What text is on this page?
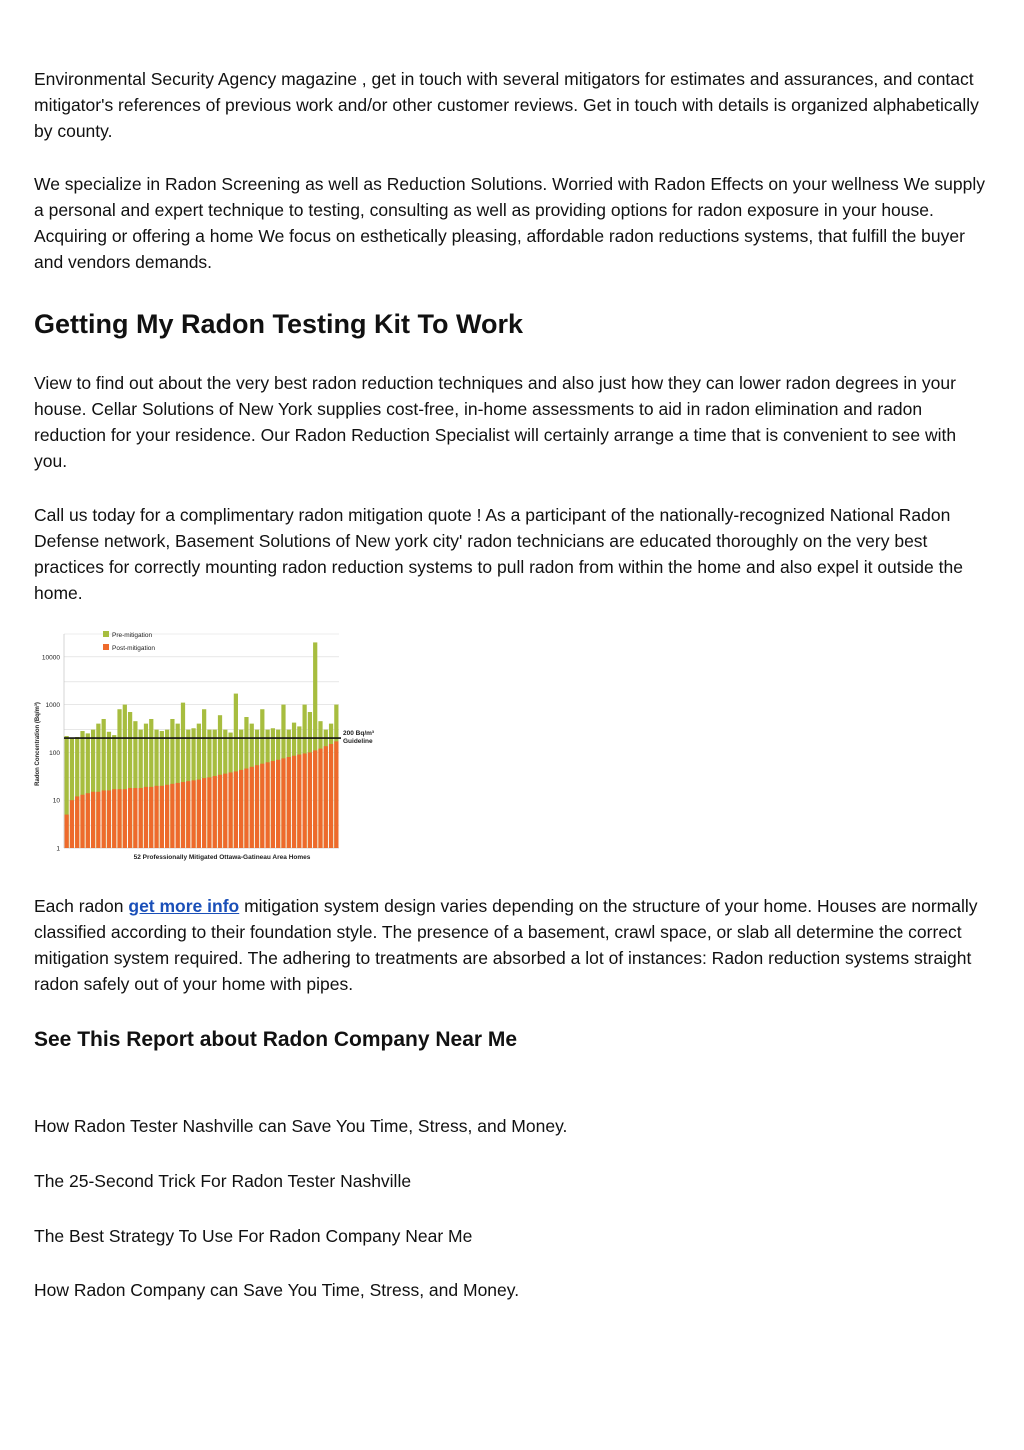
Environmental Security Agency magazine , get in touch with several mitigators for estimates and assurances, and contact mitigator's references of previous work and/or other customer reviews. Get in touch with details is organized alphabetically by county.

We specialize in Radon Screening as well as Reduction Solutions. Worried with Radon Effects on your wellness We supply a personal and expert technique to testing, consulting as well as providing options for radon exposure in your house. Acquiring or offering a home We focus on esthetically pleasing, affordable radon reductions systems, that fulfill the buyer and vendors demands.

Getting My Radon Testing Kit To Work

View to find out about the very best radon reduction techniques and also just how they can lower radon degrees in your house. Cellar Solutions of New York supplies cost-free, in-home assessments to aid in radon elimination and radon reduction for your residence. Our Radon Reduction Specialist will certainly arrange a time that is convenient to see with you.

Call us today for a complimentary radon mitigation quote ! As a participant of the nationally-recognized National Radon Defense network, Basement Solutions of New york city' radon technicians are educated thoroughly on the very best practices for correctly mounting radon reduction systems to pull radon from within the home and also expel it outside the home.

1
10
100
1000
10000
200 Bq/m³
Guideline
Pre-mitigation
Post-mitigation
Radon Concentration (Bq/m³)
52 Professionally Mitigated Ottawa-Gatineau Area Homes

Each radon get more info mitigation system design varies depending on the structure of your home. Houses are normally classified according to their foundation style. The presence of a basement, crawl space, or slab all determine the correct mitigation system required. The adhering to treatments are absorbed a lot of instances: Radon reduction systems straight radon safely out of your home with pipes.

See This Report about Radon Company Near Me

How Radon Tester Nashville can Save You Time, Stress, and Money.

The 25-Second Trick For Radon Tester Nashville

The Best Strategy To Use For Radon Company Near Me

How Radon Company can Save You Time, Stress, and Money.
